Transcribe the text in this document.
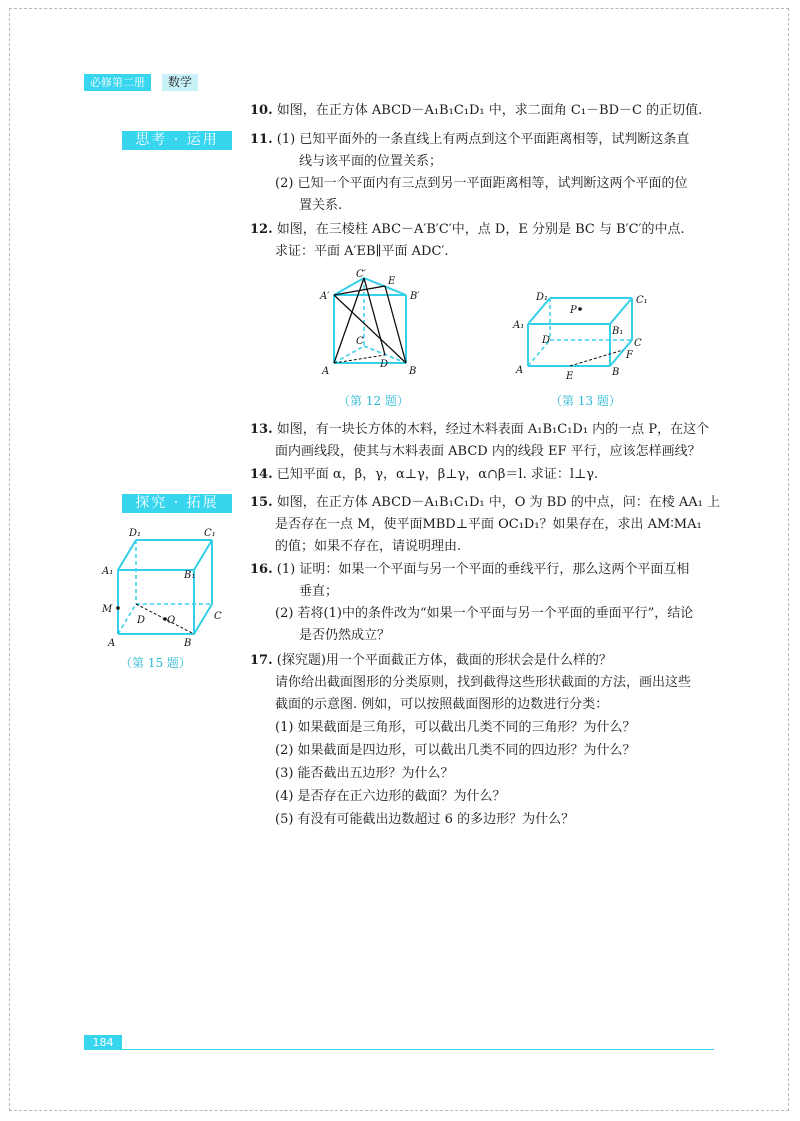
必修第二册	数学
10. 如图，在正方体 ABCD－A₁B₁C₁D₁ 中，求二面角 C₁－BD－C 的正切值.
思考 · 运用	11. (1) 已知平面外的一条直线上有两点到这个平面距离相等，试判断这条直
线与该平面的位置关系；
(2) 已知一个平面内有三点到另一平面距离相等，试判断这两个平面的位
置关系.
12. 如图，在三棱柱 ABC－A′B′C′中，点 D，E 分别是 BC 与 B′C′的中点.
求证：平面 A′EB∥平面 ADC′.
A′
C′
E
B′
C
D
A	B
（第 12 题）
D₁
P
C₁
A₁
B₁
D	C
F
A
E	B
（第 13 题）
13. 如图，有一块长方体的木料，经过木料表面 A₁B₁C₁D₁ 内的一点 P，在这个
面内画线段，使其与木料表面 ABCD 内的线段 EF 平行，应该怎样画线？
14. 已知平面 α，β，γ，α⊥γ，β⊥γ，α∩β＝l. 求证：l⊥γ.
探究 · 拓展	15. 如图，在正方体 ABCD－A₁B₁C₁D₁ 中，O 为 BD 的中点，问：在棱 AA₁ 上
是否存在一点 M，使平面MBD⊥平面 OC₁D₁？如果存在，求出 AM∶MA₁
的值；如果不存在，请说明理由.
D₁	C₁
A₁	B₁
M
D O	C
A	B
（第 15 题）
16. (1) 证明：如果一个平面与另一个平面的垂线平行，那么这两个平面互相
垂直；
(2) 若将(1)中的条件改为“如果一个平面与另一个平面的垂面平行”，结论
是否仍然成立？
17. (探究题)用一个平面截正方体，截面的形状会是什么样的？
请你给出截面图形的分类原则，找到截得这些形状截面的方法，画出这些
截面的示意图. 例如，可以按照截面图形的边数进行分类：
(1) 如果截面是三角形，可以截出几类不同的三角形？为什么？
(2) 如果截面是四边形，可以截出几类不同的四边形？为什么？
(3) 能否截出五边形？为什么？
(4) 是否存在正六边形的截面？为什么？
(5) 有没有可能截出边数超过 6 的多边形？为什么？
184
